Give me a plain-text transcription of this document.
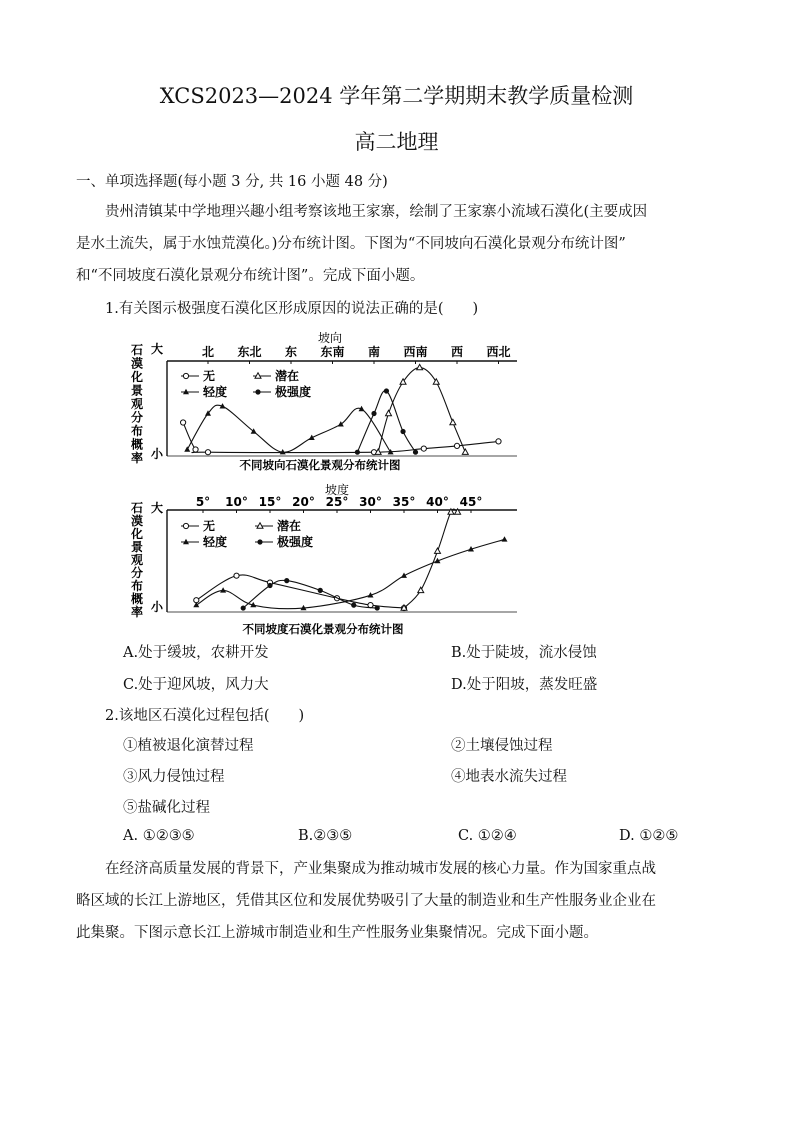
XCS2023—2024 学年第二学期期末教学质量检测
高二地理
一、单项选择题(每小题 3 分, 共 16 小题 48 分)
贵州清镇某中学地理兴趣小组考察该地王家寨，绘制了王家寨小流域石漠化(主要成因
是水土流失，属于水蚀荒漠化。)分布统计图。下图为“不同坡向石漠化景观分布统计图”
和“不同坡度石漠化景观分布统计图”。完成下面小题。
1.有关图示极强度石漠化区形成原因的说法正确的是(　　)
坡向
北 东北 东 东南 南 西南 西 西北
石漠化景观分布概率
大
小
无	潜在
轻度	极强度
不同坡向石漠化景观分布统计图
坡度
5° 10° 15° 20° 25° 30° 35° 40° 45°
石漠化景观分布概率
大
小
无	潜在
轻度	极强度
不同坡度石漠化景观分布统计图
A.处于缓坡，农耕开发	B.处于陡坡，流水侵蚀
C.处于迎风坡，风力大	D.处于阳坡，蒸发旺盛
2.该地区石漠化过程包括(　　)
①植被退化演替过程	②土壤侵蚀过程
③风力侵蚀过程	④地表水流失过程
⑤盐碱化过程
A. ①②③⑤	B.②③⑤	C. ①②④	D. ①②⑤
在经济高质量发展的背景下，产业集聚成为推动城市发展的核心力量。作为国家重点战
略区域的长江上游地区，凭借其区位和发展优势吸引了大量的制造业和生产性服务业企业在
此集聚。下图示意长江上游城市制造业和生产性服务业集聚情况。完成下面小题。
